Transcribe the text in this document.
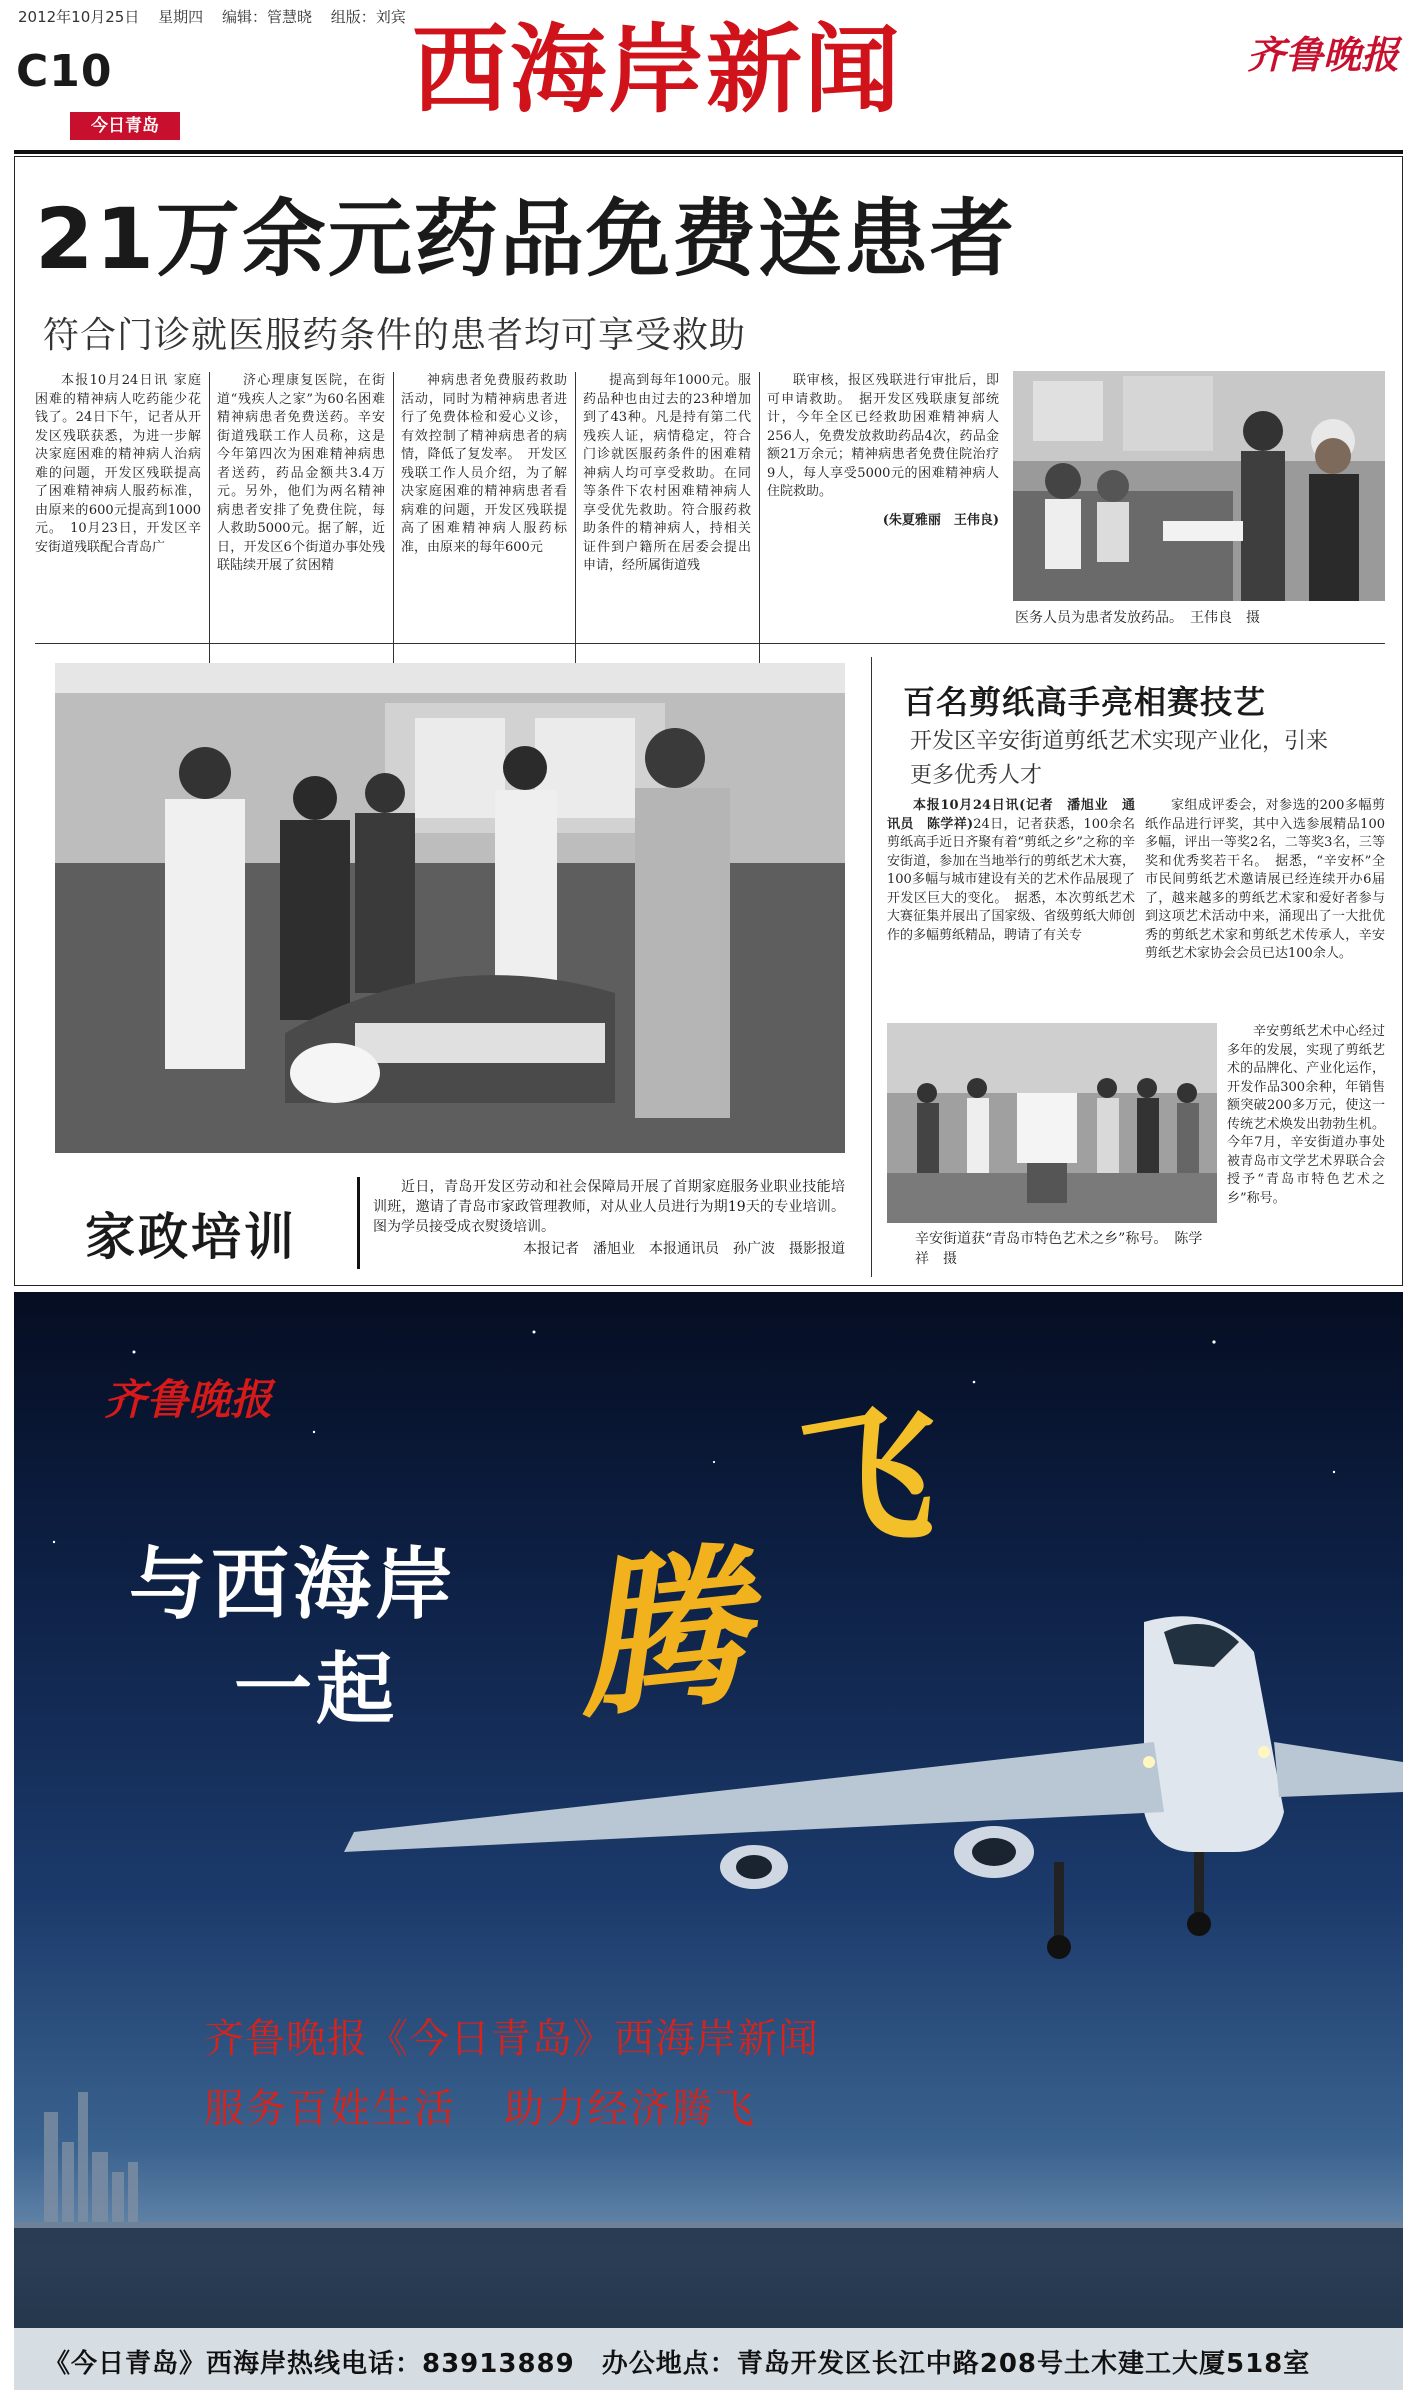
2012年10月25日 星期四 编辑：管慧晓 组版：刘宾
C10
今日青岛	西海岸新闻	齐鲁晚报
21万余元药品免费送患者
符合门诊就医服药条件的患者均可享受救助

本报10月24日讯 家庭困难的精神病人吃药能少花钱了。24日下午，记者从开发区残联获悉，为进一步解决家庭困难的精神病人治病难的问题，开发区残联提高了困难精神病人服药标准，由原来的600元提高到1000元。　10月23日，开发区辛安街道残联配合青岛广

济心理康复医院，在街道“残疾人之家”为60名困难精神病患者免费送药。辛安街道残联工作人员称，这是今年第四次为困难精神病患者送药，药品金额共3.4万元。另外，他们为两名精神病患者安排了免费住院，每人救助5000元。据了解，近日，开发区6个街道办事处残联陆续开展了贫困精

神病患者免费服药救助活动，同时为精神病患者进行了免费体检和爱心义诊，有效控制了精神病患者的病情，降低了复发率。　开发区残联工作人员介绍，为了解决家庭困难的精神病患者看病难的问题，开发区残联提高了困难精神病人服药标准，由原来的每年600元

提高到每年1000元。服药品种也由过去的23种增加到了43种。凡是持有第二代残疾人证，病情稳定，符合门诊就医服药条件的困难精神病人均可享受救助。在同等条件下农村困难精神病人享受优先救助。符合服药救助条件的精神病人，持相关证件到户籍所在居委会提出申请，经所属街道残

联审核，报区残联进行审批后，即可申请救助。　据开发区残联康复部统计，今年全区已经救助困难精神病人256人，免费发放救助药品4次，药品金额21万余元；精神病患者免费住院治疗9人，每人享受5000元的困难精神病人住院救助。

(朱夏雅丽　王伟良)
医务人员为患者发放药品。　王伟良　摄
家政培训

近日，青岛开发区劳动和社会保障局开展了首期家庭服务业职业技能培训班，邀请了青岛市家政管理教师，对从业人员进行为期19天的专业培训。图为学员接受成衣熨烫培训。

本报记者　潘旭业　本报通讯员　孙广波　摄影报道
百名剪纸高手亮相赛技艺
开发区辛安街道剪纸艺术实现产业化，引来更多优秀人才

本报10月24日讯(记者　潘旭业　通讯员　陈学祥)24日，记者获悉，100余名剪纸高手近日齐聚有着“剪纸之乡”之称的辛安街道，参加在当地举行的剪纸艺术大赛，100多幅与城市建设有关的艺术作品展现了开发区巨大的变化。　据悉，本次剪纸艺术大赛征集并展出了国家级、省级剪纸大师创作的多幅剪纸精品，聘请了有关专

家组成评委会，对参选的200多幅剪纸作品进行评奖，其中入选参展精品100多幅，评出一等奖2名，二等奖3名，三等奖和优秀奖若干名。　据悉，“辛安杯”全市民间剪纸艺术邀请展已经连续开办6届了，越来越多的剪纸艺术家和爱好者参与到这项艺术活动中来，涌现出了一大批优秀的剪纸艺术家和剪纸艺术传承人，辛安剪纸艺术家协会会员已达100余人。

辛安剪纸艺术中心经过多年的发展，实现了剪纸艺术的品牌化、产业化运作，开发作品300余种，年销售额突破200多万元，使这一传统艺术焕发出勃勃生机。今年7月，辛安街道办事处被青岛市文学艺术界联合会授予“青岛市特色艺术之乡”称号。

辛安街道获“青岛市特色艺术之乡”称号。　陈学祥　摄
齐鲁晚报
与西海岸
一起 腾
飞
齐鲁晚报《今日青岛》西海岸新闻
服务百姓生活 助力经济腾飞
《今日青岛》西海岸热线电话：83913889　办公地点：青岛开发区长江中路208号土木建工大厦518室
